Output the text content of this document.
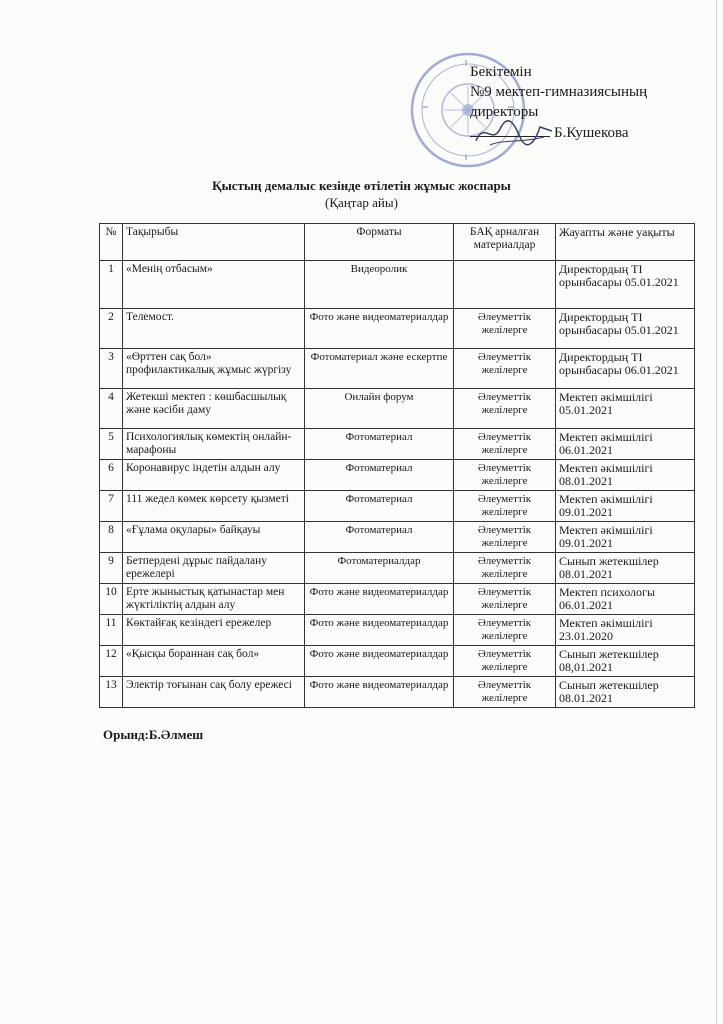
Бекітемін
№9 мектеп-гимназиясының
директоры
Б.Кушекова
Қыстың демалыс кезінде өтілетін жұмыс жоспары
(Қаңтар айы)
№	Тақырыбы	Форматы	БАҚ арналған материалдар	Жауапты және уақыты
1	«Менің отбасым»	Видеоролик		Директордың ТІ орынбасары 05.01.2021
2	Телемост.	Фото және видеоматериалдар	Әлеуметтік желілерге	Директордың ТІ орынбасары 05.01.2021
3	«Өрттен сақ бол» профилактикалық жұмыс жүргізу	Фотоматериал және ескертпе	Әлеуметтік желілерге	Директордың ТІ орынбасары 06.01.2021
4	Жетекші мектеп : көшбасшылық және кәсіби даму	Онлайн форум	Әлеуметтік желілерге	Мектеп әкімшілігі 05.01.2021
5	Психологиялық көмектің онлайн-марафоны	Фотоматериал	Әлеуметтік желілерге	Мектеп әкімшілігі 06.01.2021
6	Коронавирус індетін алдын алу	Фотоматериал	Әлеуметтік желілерге	Мектеп әкімшілігі 08.01.2021
7	111 жедел көмек көрсету қызметі	Фотоматериал	Әлеуметтік желілерге	Мектеп әкімшілігі 09.01.2021
8	«Ғұлама оқулары» байқауы	Фотоматериал	Әлеуметтік желілерге	Мектеп әкімшілігі 09.01.2021
9	Бетпердені дұрыс пайдалану ережелері	Фотоматериалдар	Әлеуметтік желілерге	Сынып жетекшілер 08.01.2021
10	Ерте жыныстық қатынастар мен жүктіліктің алдын алу	Фото және видеоматериалдар	Әлеуметтік желілерге	Мектеп психологы 06.01.2021
11	Көктайғақ кезіндегі ережелер	Фото және видеоматериалдар	Әлеуметтік желілерге	Мектеп әкімшілігі 23.01.2020
12	«Қысқы бораннан сақ бол»	Фото және видеоматериалдар	Әлеуметтік желілерге	Сынып жетекшілер 08,01.2021
13	Электір тоғынан сақ болу ережесі	Фото және видеоматериалдар	Әлеуметтік желілерге	Сынып жетекшілер 08.01.2021
Орынд:Б.Әлмеш
